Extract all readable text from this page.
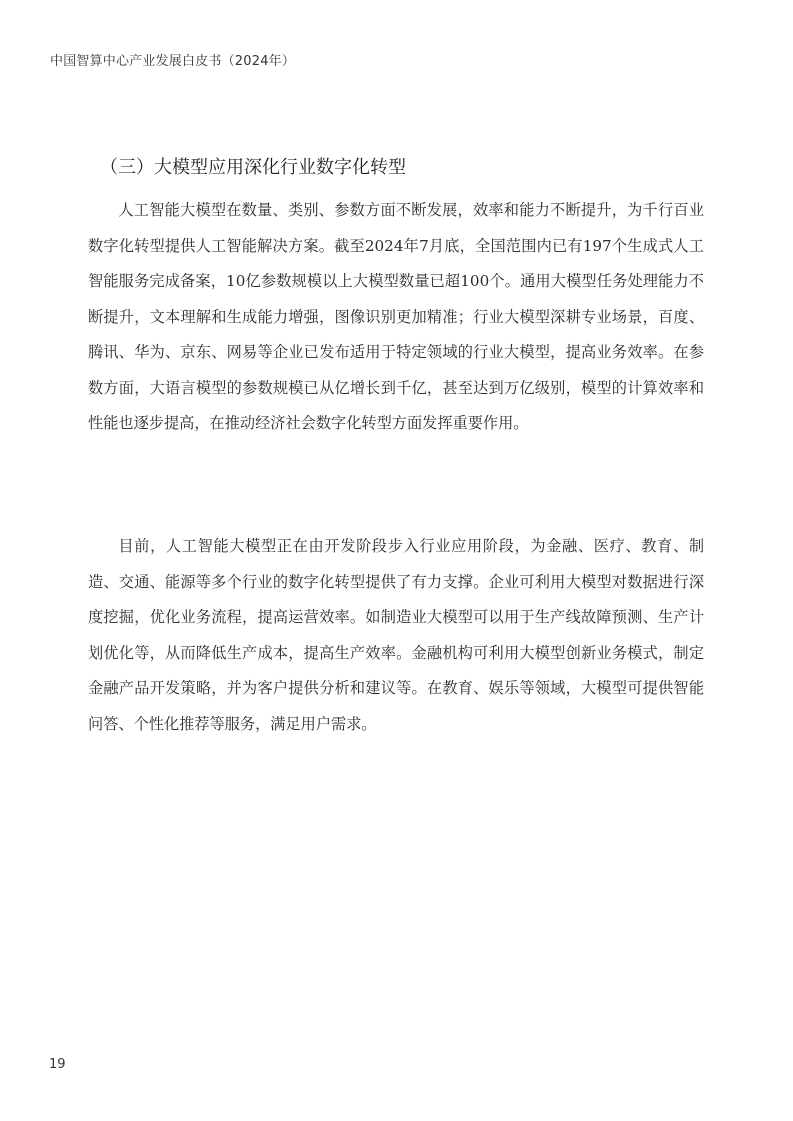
中国智算中心产业发展白皮书（2024年）
（三）大模型应用深化行业数字化转型

人工智能大模型在数量、类别、参数方面不断发展，效率和能力不断提升，为千行百业数字化转型提供人工智能解决方案。截至2024年7月底，全国范围内已有197个生成式人工智能服务完成备案，10亿参数规模以上大模型数量已超100个。通用大模型任务处理能力不断提升，文本理解和生成能力增强，图像识别更加精准；行业大模型深耕专业场景，百度、腾讯、华为、京东、网易等企业已发布适用于特定领域的行业大模型，提高业务效率。在参数方面，大语言模型的参数规模已从亿增长到千亿，甚至达到万亿级别，模型的计算效率和性能也逐步提高，在推动经济社会数字化转型方面发挥重要作用。

目前，人工智能大模型正在由开发阶段步入行业应用阶段，为金融、医疗、教育、制造、交通、能源等多个行业的数字化转型提供了有力支撑。企业可利用大模型对数据进行深度挖掘，优化业务流程，提高运营效率。如制造业大模型可以用于生产线故障预测、生产计划优化等，从而降低生产成本，提高生产效率。金融机构可利用大模型创新业务模式，制定金融产品开发策略，并为客户提供分析和建议等。在教育、娱乐等领域，大模型可提供智能问答、个性化推荐等服务，满足用户需求。

19
